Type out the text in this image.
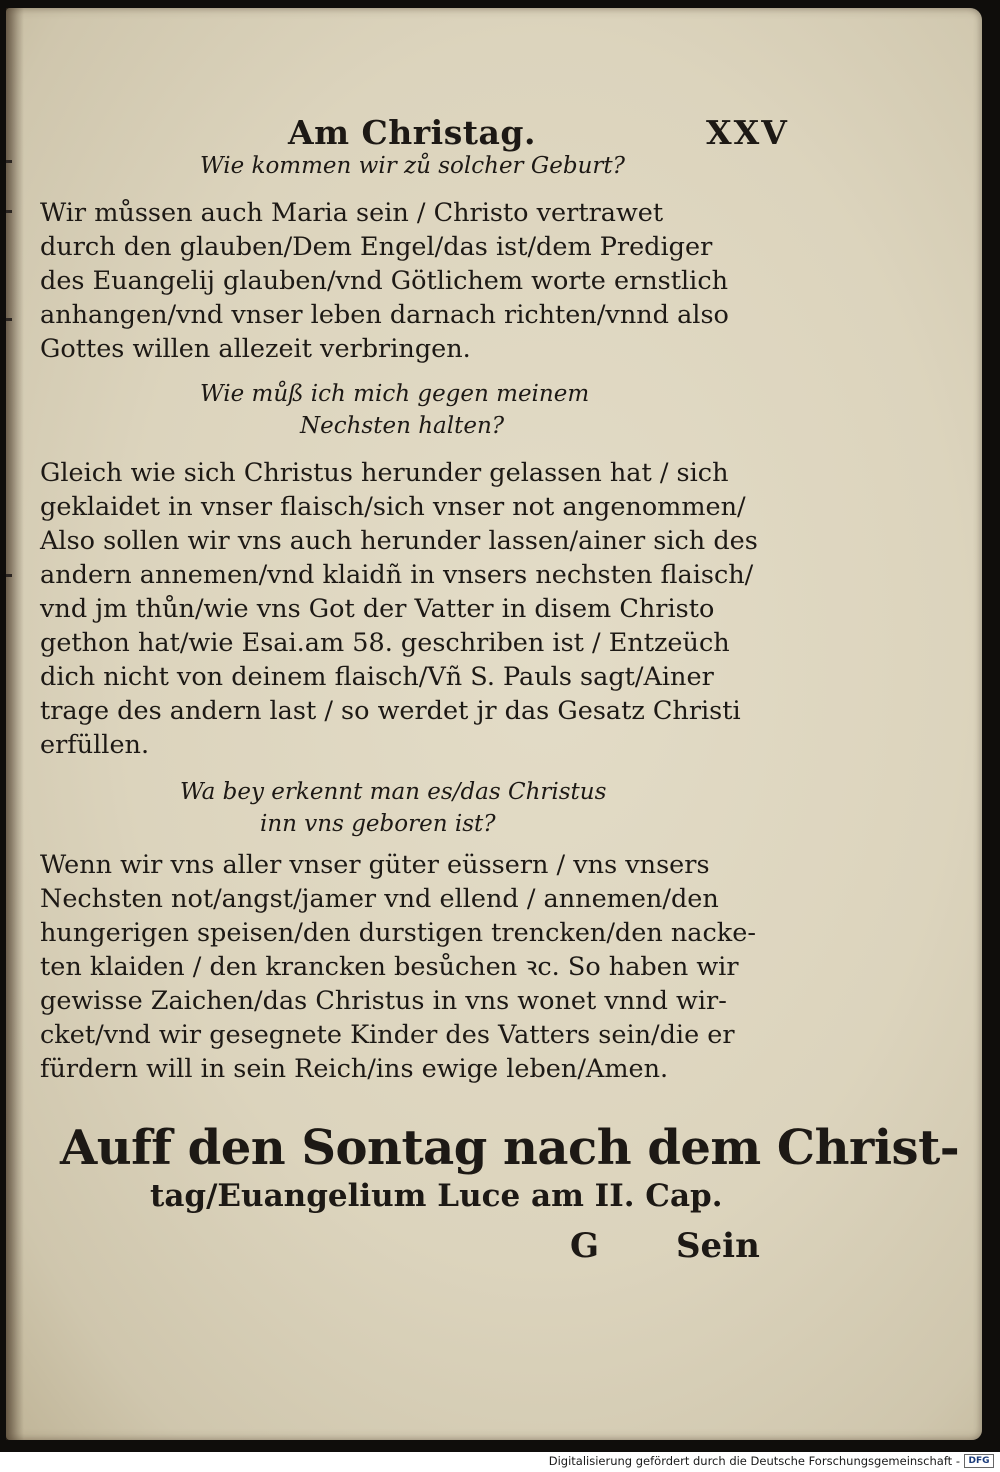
Am Christag.	XXV
Wie kommen wir zů solcher Geburt?
Wir můssen auch Maria sein / Christo vertrawet
durch den glauben/Dem Engel/das ist/dem Prediger
des Euangelij glauben/vnd Götlichem worte ernstlich
anhangen/vnd vnser leben darnach richten/vnnd also
Gottes willen allezeit verbringen.
Wie můß ich mich gegen meinem
Nechsten halten?
Gleich wie sich Christus herunder gelassen hat / sich
geklaidet in vnser flaisch/sich vnser not angenommen/
Also sollen wir vns auch herunder lassen/ainer sich des
andern annemen/vnd klaidñ in vnsers nechsten flaisch/
vnd jm thůn/wie vns Got der Vatter in disem Christo
gethon hat/wie Esai.am 58. geschriben ist / Entzeüch
dich nicht von deinem flaisch/Vñ S. Pauls sagt/Ainer
trage des andern last / so werdet jr das Gesatz Christi
erfüllen.
Wa bey erkennt man es/das Christus
inn vns geboren ist?
Wenn wir vns aller vnser güter eüssern / vns vnsers
Nechsten not/angst/jamer vnd ellend / annemen/den
hungerigen speisen/den durstigen trencken/den nacke-
ten klaiden / den krancken besůchen ꝛc. So haben wir
gewisse Zaichen/das Christus in vns wonet vnnd wir-
cket/vnd wir gesegnete Kinder des Vatters sein/die er
fürdern will in sein Reich/ins ewige leben/Amen.
Auff den Sontag nach dem Christ-
tag/Euangelium Luce am II. Cap.
G Sein
Digitalisierung gefördert durch die Deutsche Forschungsgemeinschaft - DFG
